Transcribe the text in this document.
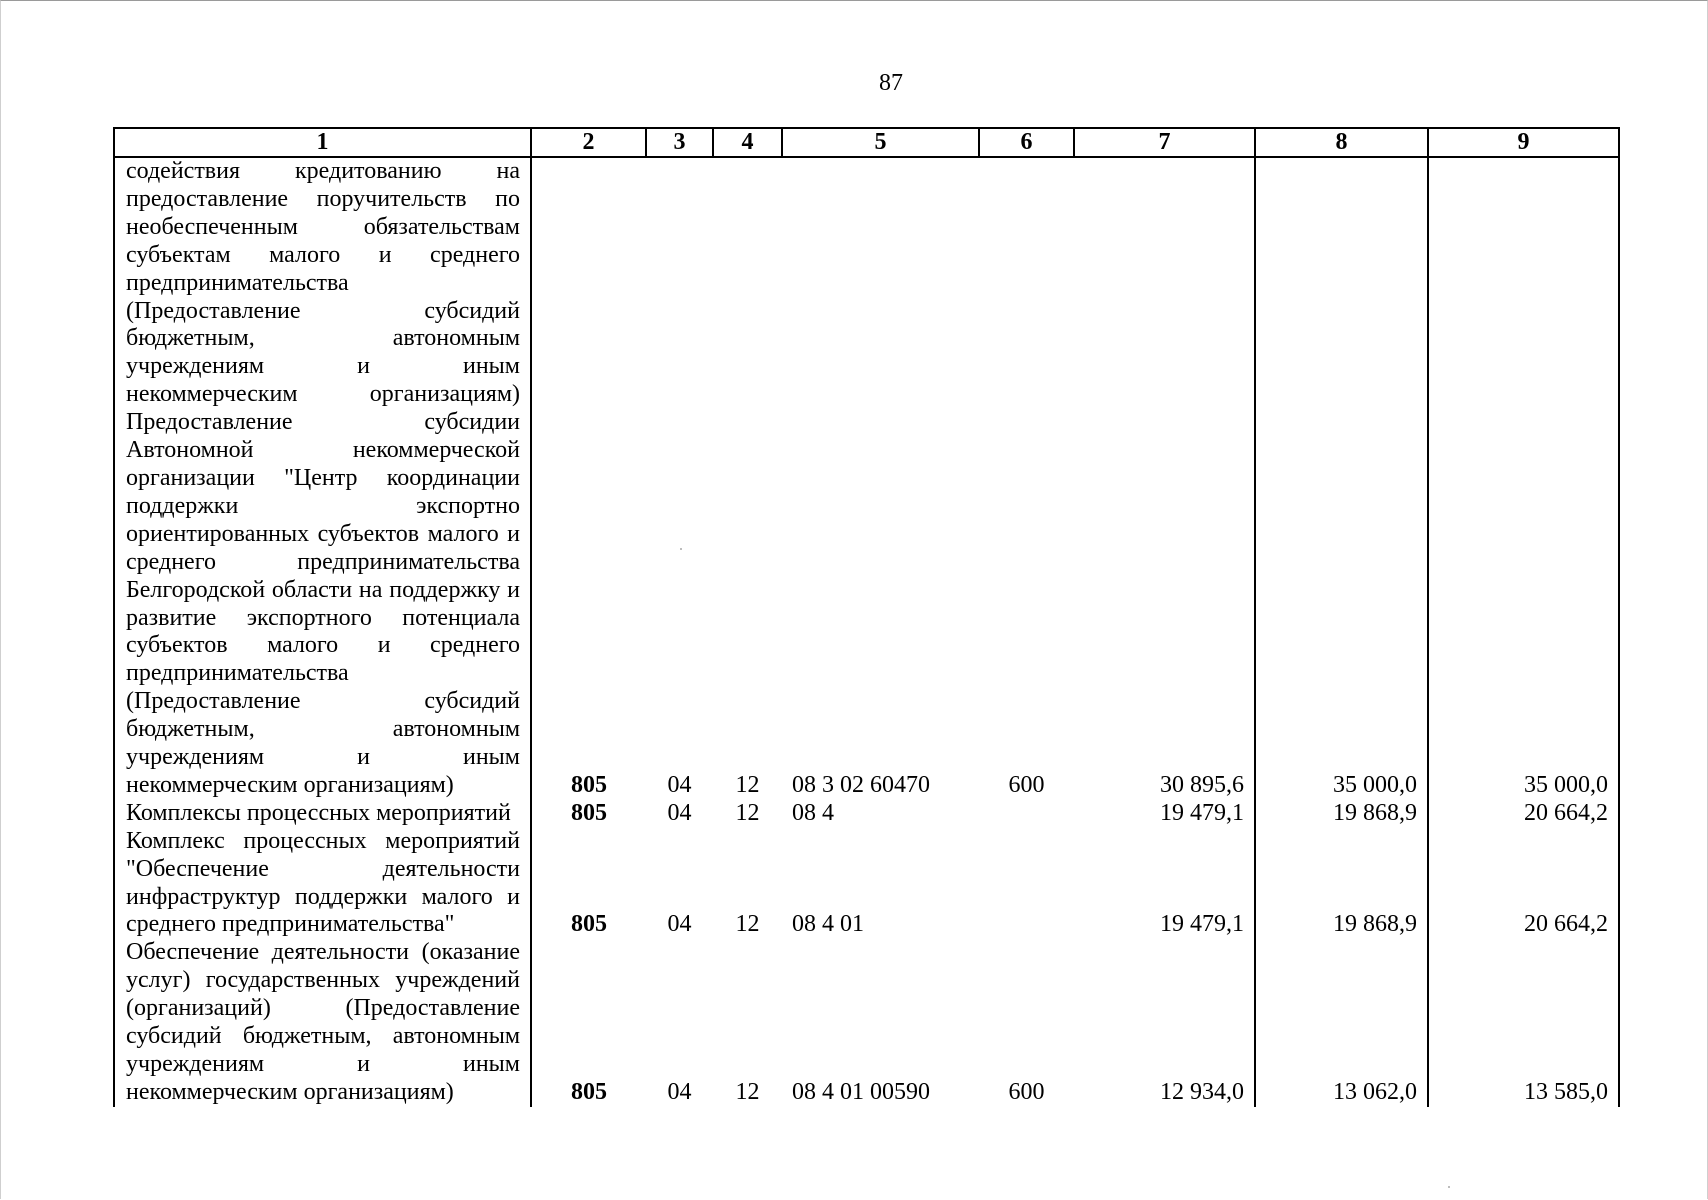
87
1	2	3	4	5	6	7	8	9
содействия кредитованию на предоставление поручительств по необеспеченным обязательствам субъектам малого и среднего предпринимательства (Предоставление субсидий бюджетным, автономным учреждениям и иным некоммерческим организациям) Предоставление субсидии Автономной некоммерческой организации "Центр координации поддержки экспортно ориентированных субъектов малого и среднего предпринимательства Белгородской области на поддержку и развитие экспортного потенциала субъектов малого и среднего предпринимательства (Предоставление субсидий бюджетным, автономным учреждениям и иным некоммерческим организациям)	805	04	12	08 3 02 60470	600	30 895,6	35 000,0	35 000,0
Комплексы процессных мероприятий	805	04	12	08 4		19 479,1	19 868,9	20 664,2
Комплекс процессных мероприятий "Обеспечение деятельности инфраструктур поддержки малого и среднего предпринимательства"	805	04	12	08 4 01		19 479,1	19 868,9	20 664,2
Обеспечение деятельности (оказание услуг) государственных учреждений (организаций) (Предоставление субсидий бюджетным, автономным учреждениям и иным некоммерческим организациям)	805	04	12	08 4 01 00590	600	12 934,0	13 062,0	13 585,0
